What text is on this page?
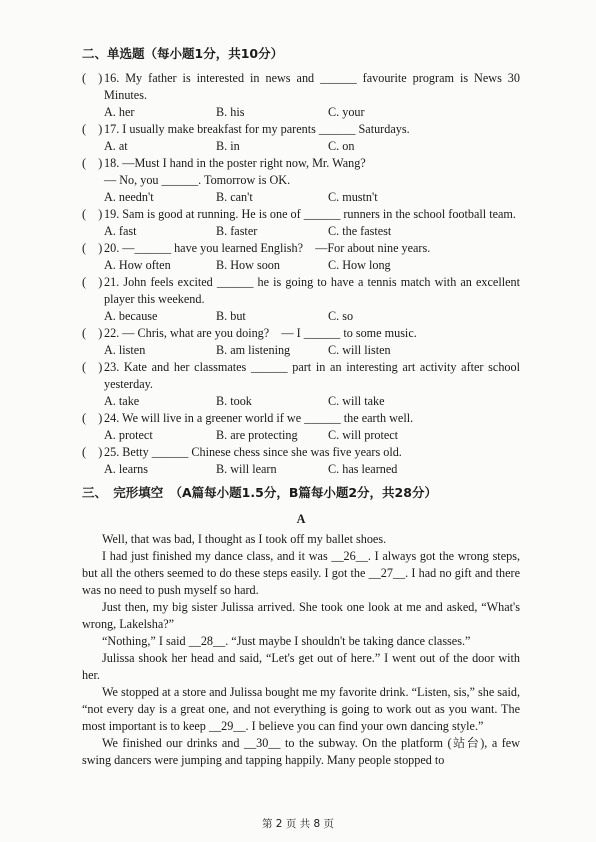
二、单选题（每小题1分，共10分）
(　) 16. My father is interested in news and ______ favourite program is News 30 Minutes.
A. her	B. his	C. your
(　) 17. I usually make breakfast for my parents ______ Saturdays.
A. at	B. in	C. on
(　) 18. —Must I hand in the poster right now, Mr. Wang?
— No, you ______. Tomorrow is OK.
A. needn't	B. can't	C. mustn't
(　) 19. Sam is good at running. He is one of ______ runners in the school football team.
A. fast	B. faster	C. the fastest
(　) 20. —______ have you learned English?　—For about nine years.
A. How often	B. How soon	C. How long
(　) 21. John feels excited ______ he is going to have a tennis match with an excellent player this weekend.
A. because	B. but	C. so
(　) 22. — Chris, what are you doing?　— I ______ to some music.
A. listen	B. am listening	C. will listen
(　) 23. Kate and her classmates ______ part in an interesting art activity after school yesterday.
A. take	B. took	C. will take
(　) 24. We will live in a greener world if we ______ the earth well.
A. protect	B. are protecting	C. will protect
(　) 25. Betty ______ Chinese chess since she was five years old.
A. learns	B. will learn	C. has learned
三、　完形填空　（A篇每小题1.5分，B篇每小题2分，共28分）
A

Well, that was bad, I thought as I took off my ballet shoes.

I had just finished my dance class, and it was __26__. I always got the wrong steps, but all the others seemed to do these steps easily. I got the __27__. I had no gift and there was no need to push myself so hard.

Just then, my big sister Julissa arrived. She took one look at me and asked, “What's wrong, Lakelsha?”

“Nothing,” I said __28__. “Just maybe I shouldn't be taking dance classes.”

Julissa shook her head and said, “Let's get out of here.” I went out of the door with her.

We stopped at a store and Julissa bought me my favorite drink. “Listen, sis,” she said, “not every day is a great one, and not everything is going to work out as you want. The most important is to keep __29__. I believe you can find your own dancing style.”

We finished our drinks and __30__ to the subway. On the platform (站台), a few swing dancers were jumping and tapping happily. Many people stopped to

第 2 页 共 8 页
